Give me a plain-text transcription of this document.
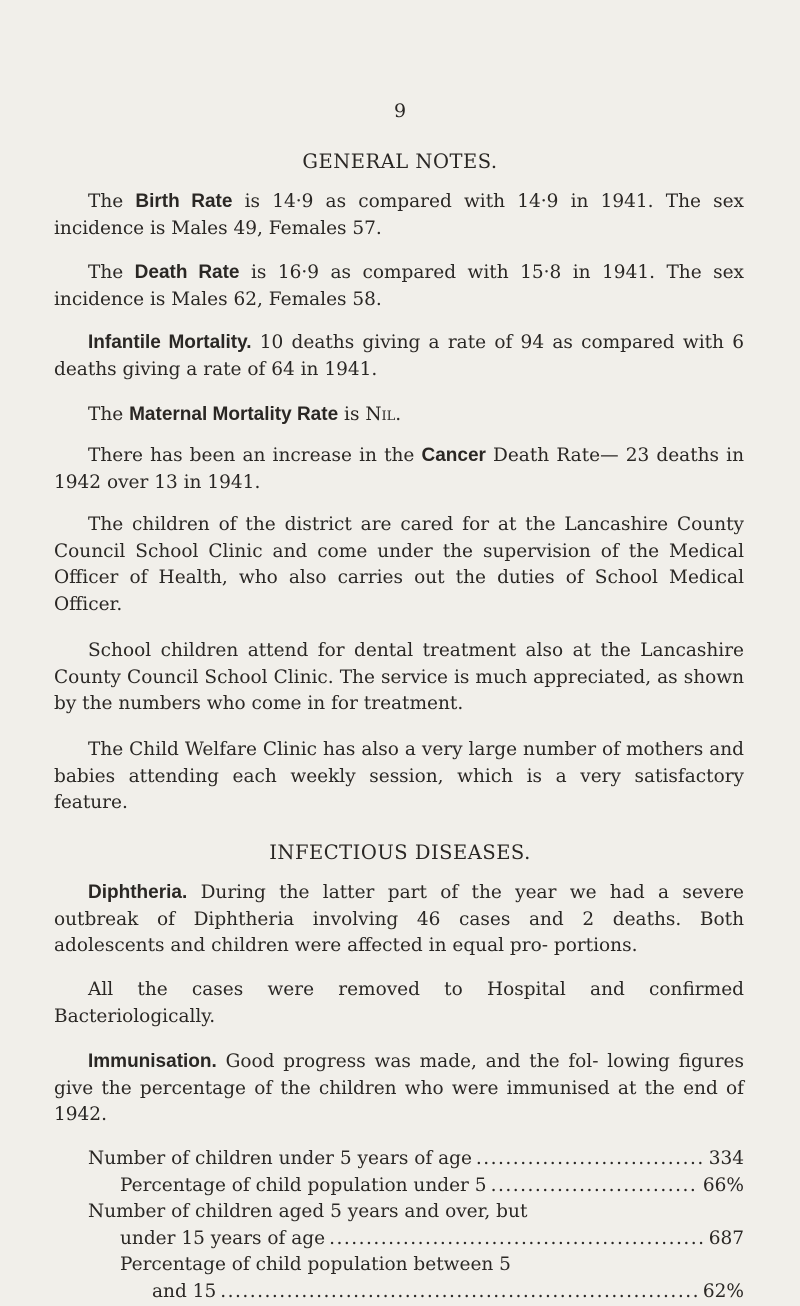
9
GENERAL NOTES.

The Birth Rate is 14·9 as compared with 14·9 in 1941. The sex incidence is Males 49, Females 57.

The Death Rate is 16·9 as compared with 15·8 in 1941. The sex incidence is Males 62, Females 58.

Infantile Mortality. 10 deaths giving a rate of 94 as compared with 6 deaths giving a rate of 64 in 1941.

The Maternal Mortality Rate is Nil.

There has been an increase in the Cancer Death Rate— 23 deaths in 1942 over 13 in 1941.

The children of the district are cared for at the Lancashire County Council School Clinic and come under the supervision of the Medical Officer of Health, who also carries out the duties of School Medical Officer.

School children attend for dental treatment also at the Lancashire County Council School Clinic. The service is much appreciated, as shown by the numbers who come in for treatment.

The Child Welfare Clinic has also a very large number of mothers and babies attending each weekly session, which is a very satisfactory feature.

INFECTIOUS DISEASES.

Diphtheria. During the latter part of the year we had a severe outbreak of Diphtheria involving 46 cases and 2 deaths. Both adolescents and children were affected in equal pro- portions.

All the cases were removed to Hospital and confirmed Bacteriologically.

Immunisation. Good progress was made, and the fol- lowing figures give the percentage of the children who were immunised at the end of 1942.

Number of children under 5 years of age .....	334
Percentage of child population under 5 .....	66%
Number of children aged 5 years and over, but
under 15 years of age .....	687
Percentage of child population between 5
and 15 .....	62%
